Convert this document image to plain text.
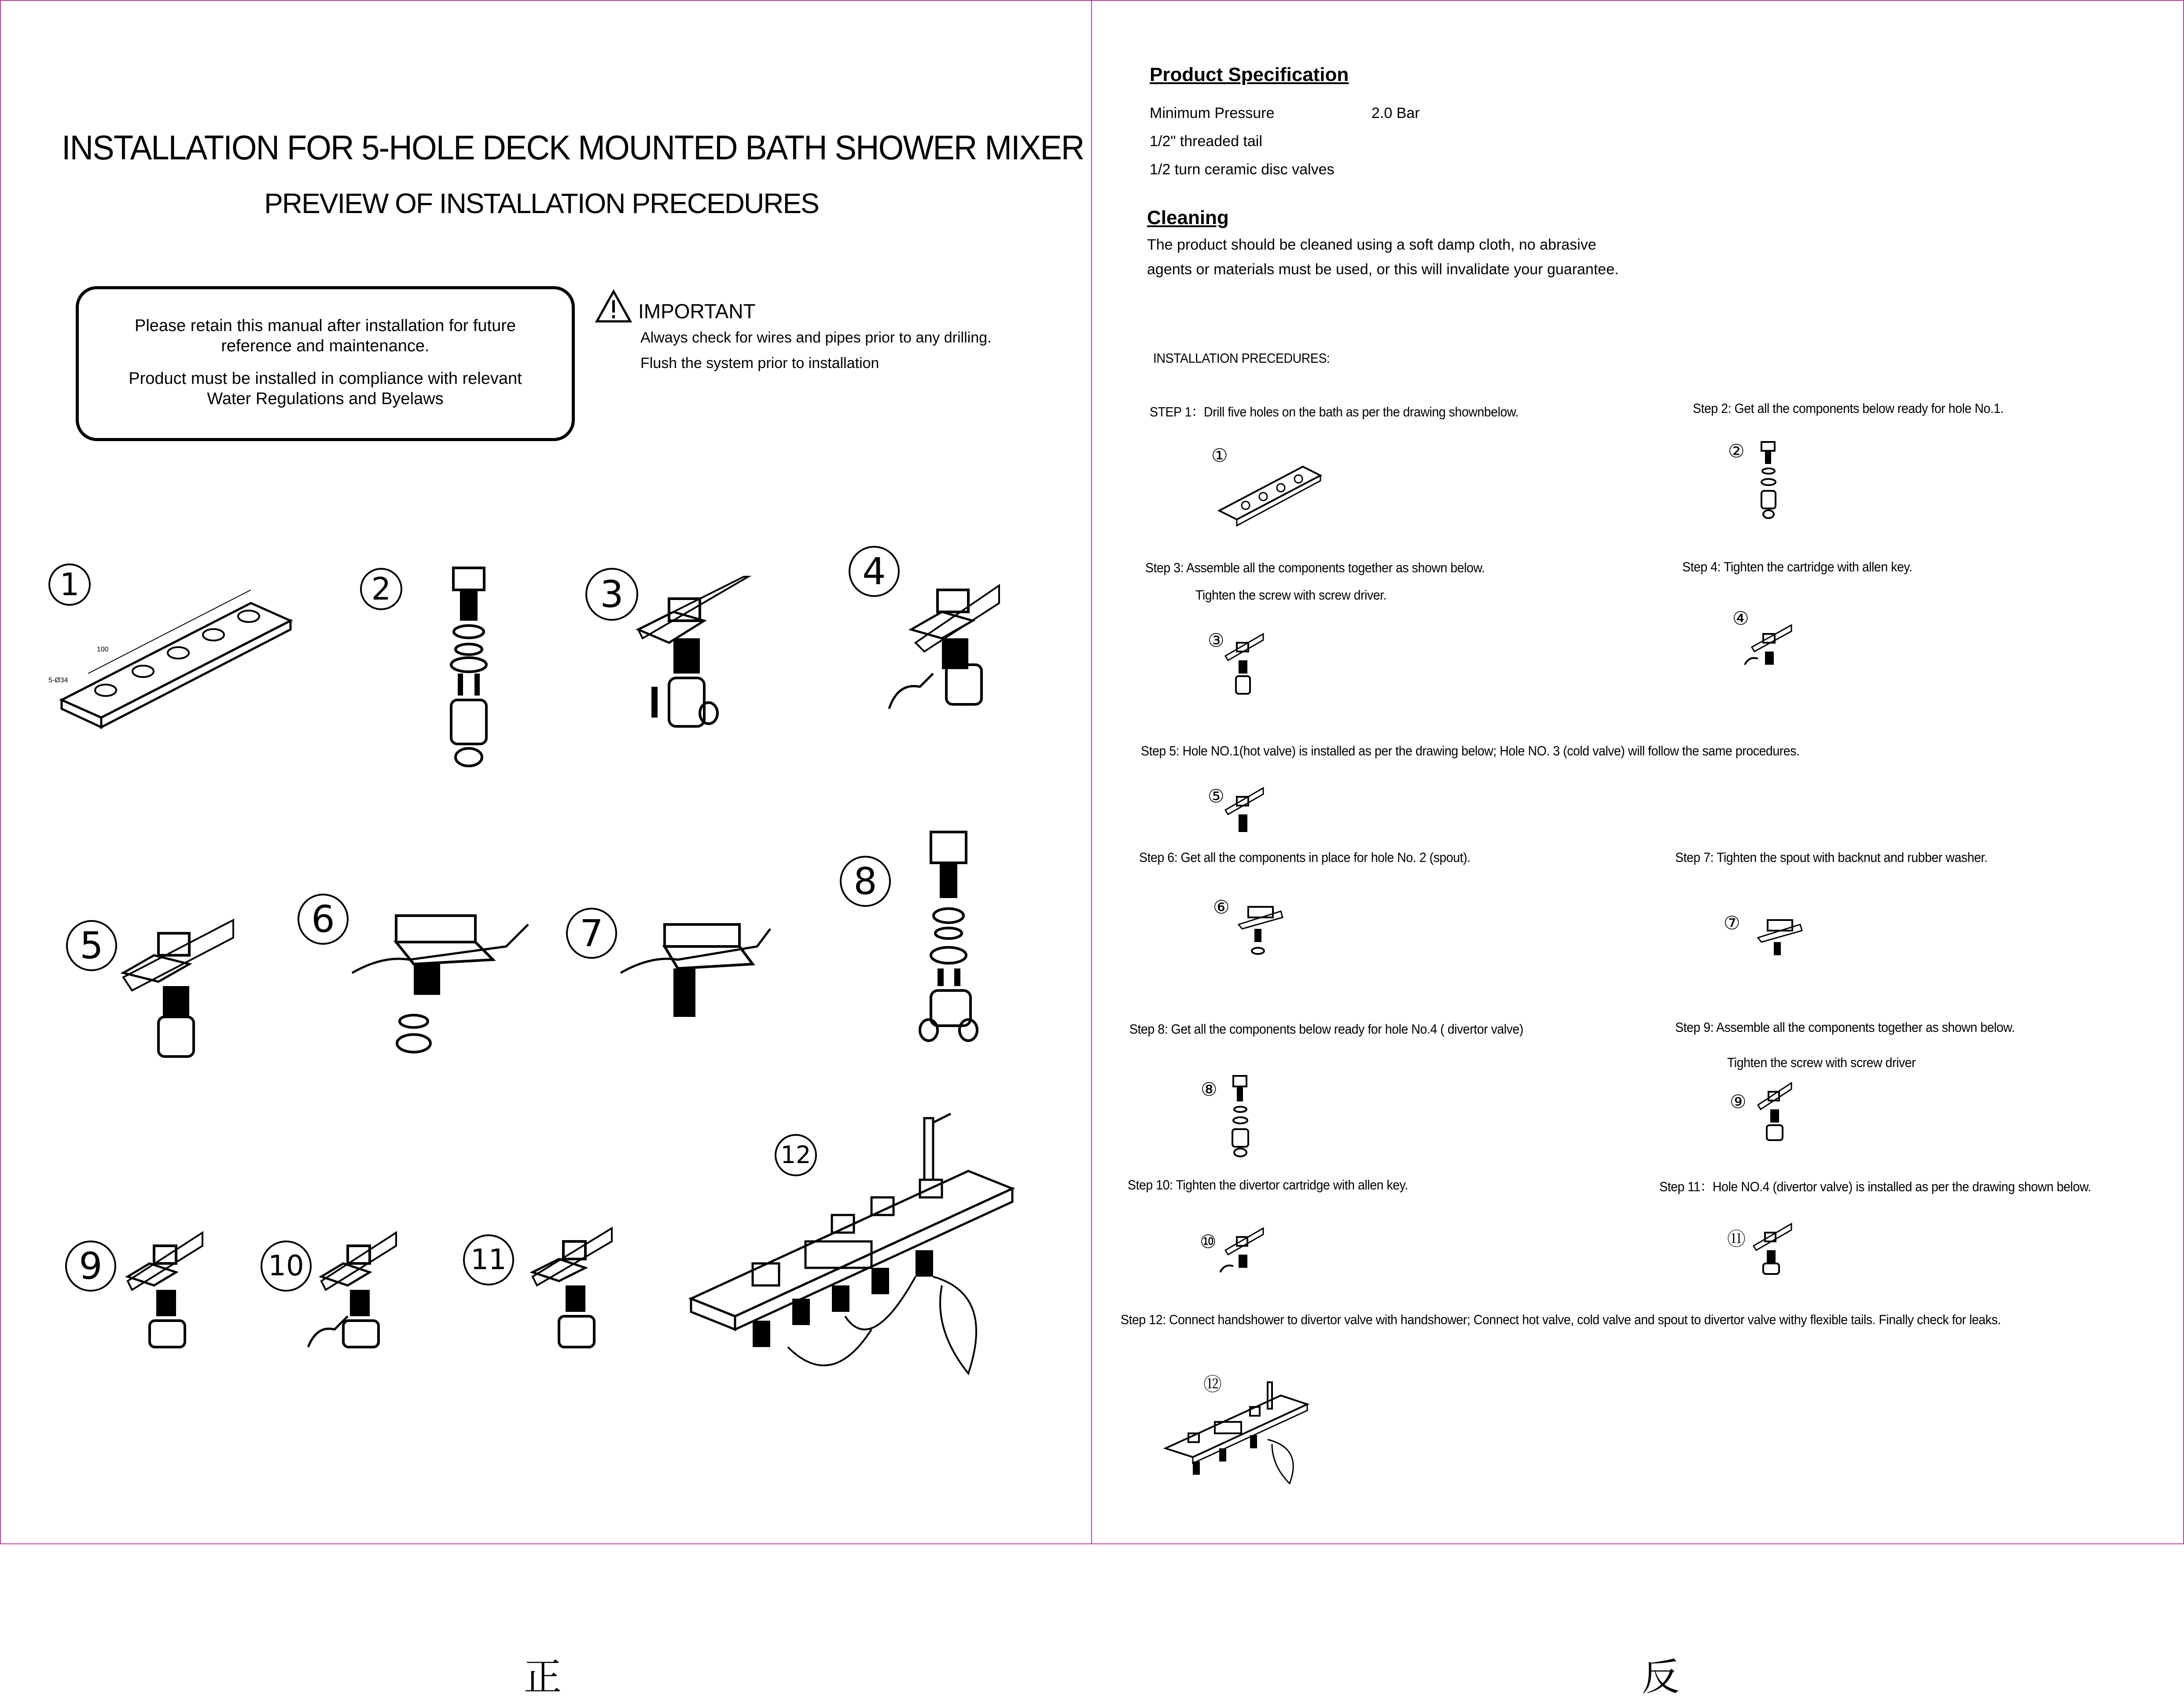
INSTALLATION FOR 5-HOLE DECK MOUNTED BATH SHOWER MIXER
PREVIEW OF INSTALLATION PRECEDURES
Please retain this manual after installation for future

reference and maintenance.

Product must be installed in compliance with relevant
Water Regulations and Byelaws
IMPORTANT
Always check for wires and pipes prior to any drilling.
Flush the system prior to installation
1	2	3
4
5
6	7
8
9	10	11
12
100
5-Ø34
正
Product Specification
Minimum Pressure	2.0 Bar
1/2" threaded tail
1/2 turn ceramic disc valves
Cleaning
The product should be cleaned using a soft damp cloth, no abrasive
agents or materials must be used, or this will invalidate your guarantee.
INSTALLATION PRECEDURES:
STEP 1：Drill five holes on the bath as per the drawing shownbelow.	Step 2: Get all the components below ready for hole No.1.
Step 3: Assemble all the components together as shown below.
Tighten the screw with screw driver.
Step 4: Tighten the cartridge with allen key.
Step 5: Hole NO.1(hot valve) is installed as per the drawing below; Hole NO. 3 (cold valve) will follow the same procedures.
Step 6: Get all the components in place for hole No. 2 (spout).	Step 7: Tighten the spout with backnut and rubber washer.
Step 8: Get all the components below ready for hole No.4 ( divertor valve)	Step 9: Assemble all the components together as shown below.
Tighten the screw with screw driver
Step 10: Tighten the divertor cartridge with allen key.	Step 11：Hole NO.4 (divertor valve) is installed as per the drawing shown below.
Step 12: Connect handshower to divertor valve with handshower; Connect hot valve, cold valve and spout to divertor valve withy flexible tails. Finally check for leaks.
①	②
③
④
⑤
⑥
⑦
⑧
⑨
⑩	⑪
⑫
反
